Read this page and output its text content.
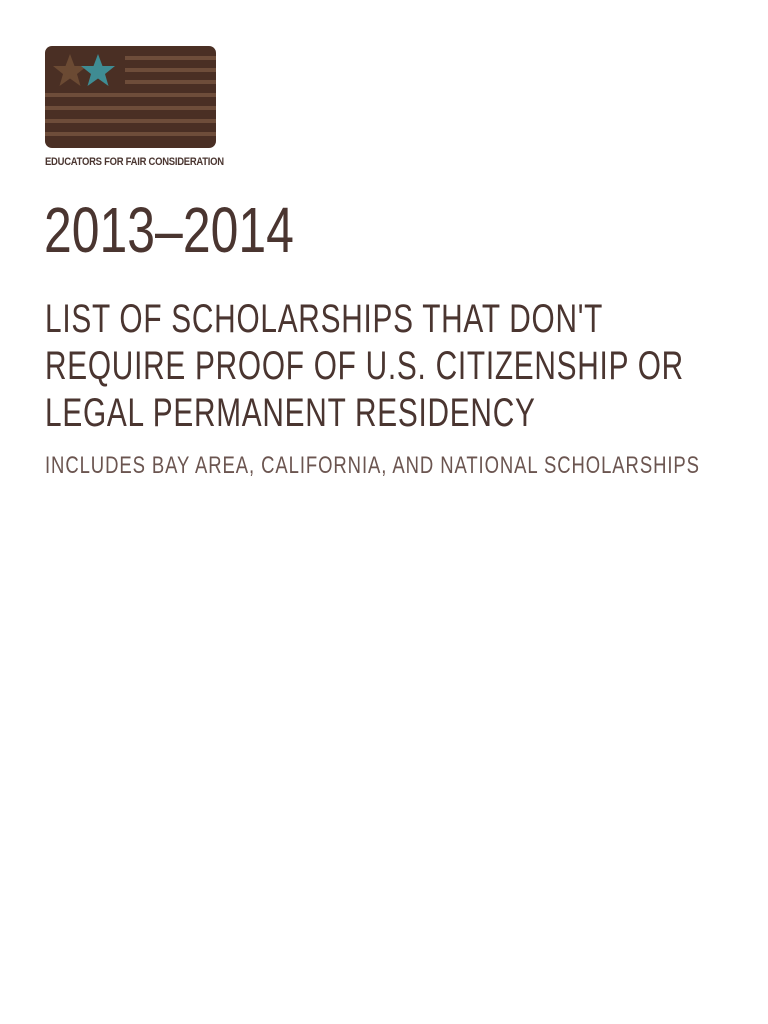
EDUCATORS FOR FAIR CONSIDERATION
2013–2014
LIST OF SCHOLARSHIPS THAT DON'T
REQUIRE PROOF OF U.S. CITIZENSHIP OR
LEGAL PERMANENT RESIDENCY
INCLUDES BAY AREA, CALIFORNIA, AND NATIONAL SCHOLARSHIPS
